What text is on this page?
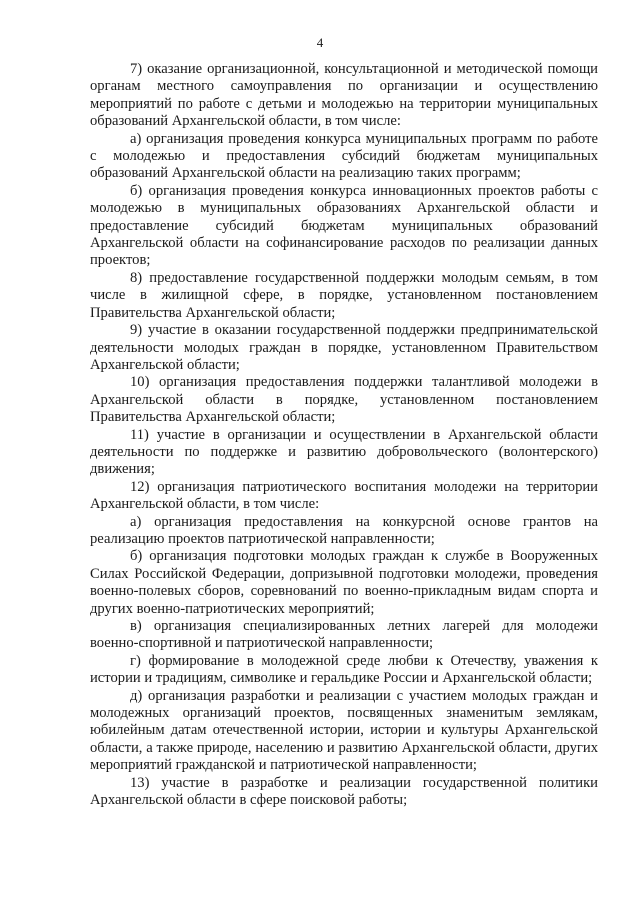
4

7) оказание организационной, консультационной и методической помощи органам местного самоуправления по организации и осуществлению мероприятий по работе с детьми и молодежью на территории муниципальных образований Архангельской области, в том числе:

а) организация проведения конкурса муниципальных программ по работе с молодежью и предоставления субсидий бюджетам муниципальных образований Архангельской области на реализацию таких программ;

б) организация проведения конкурса инновационных проектов работы с молодежью в муниципальных образованиях Архангельской области и предоставление субсидий бюджетам муниципальных образований Архангельской области на софинансирование расходов по реализации данных проектов;

8) предоставление государственной поддержки молодым семьям, в том числе в жилищной сфере, в порядке, установленном постановлением Правительства Архангельской области;

9) участие в оказании государственной поддержки предпринимательской деятельности молодых граждан в порядке, установленном Правительством Архангельской области;

10) организация предоставления поддержки талантливой молодежи в Архангельской области в порядке, установленном постановлением Правительства Архангельской области;

11) участие в организации и осуществлении в Архангельской области деятельности по поддержке и развитию добровольческого (волонтерского) движения;

12) организация патриотического воспитания молодежи на территории Архангельской области, в том числе:

а) организация предоставления на конкурсной основе грантов на реализацию проектов патриотической направленности;

б) организация подготовки молодых граждан к службе в Вооруженных Силах Российской Федерации, допризывной подготовки молодежи, проведения военно-полевых сборов, соревнований по военно-прикладным видам спорта и других военно-патриотических мероприятий;

в) организация специализированных летних лагерей для молодежи военно-спортивной и патриотической направленности;

г) формирование в молодежной среде любви к Отечеству, уважения к истории и традициям, символике и геральдике России и Архангельской области;

д) организация разработки и реализации с участием молодых граждан и молодежных организаций проектов, посвященных знаменитым землякам, юбилейным датам отечественной истории, истории и культуры Архангельской области, а также природе, населению и развитию Архангельской области, других мероприятий гражданской и патриотической направленности;

13) участие в разработке и реализации государственной политики Архангельской области в сфере поисковой работы;
